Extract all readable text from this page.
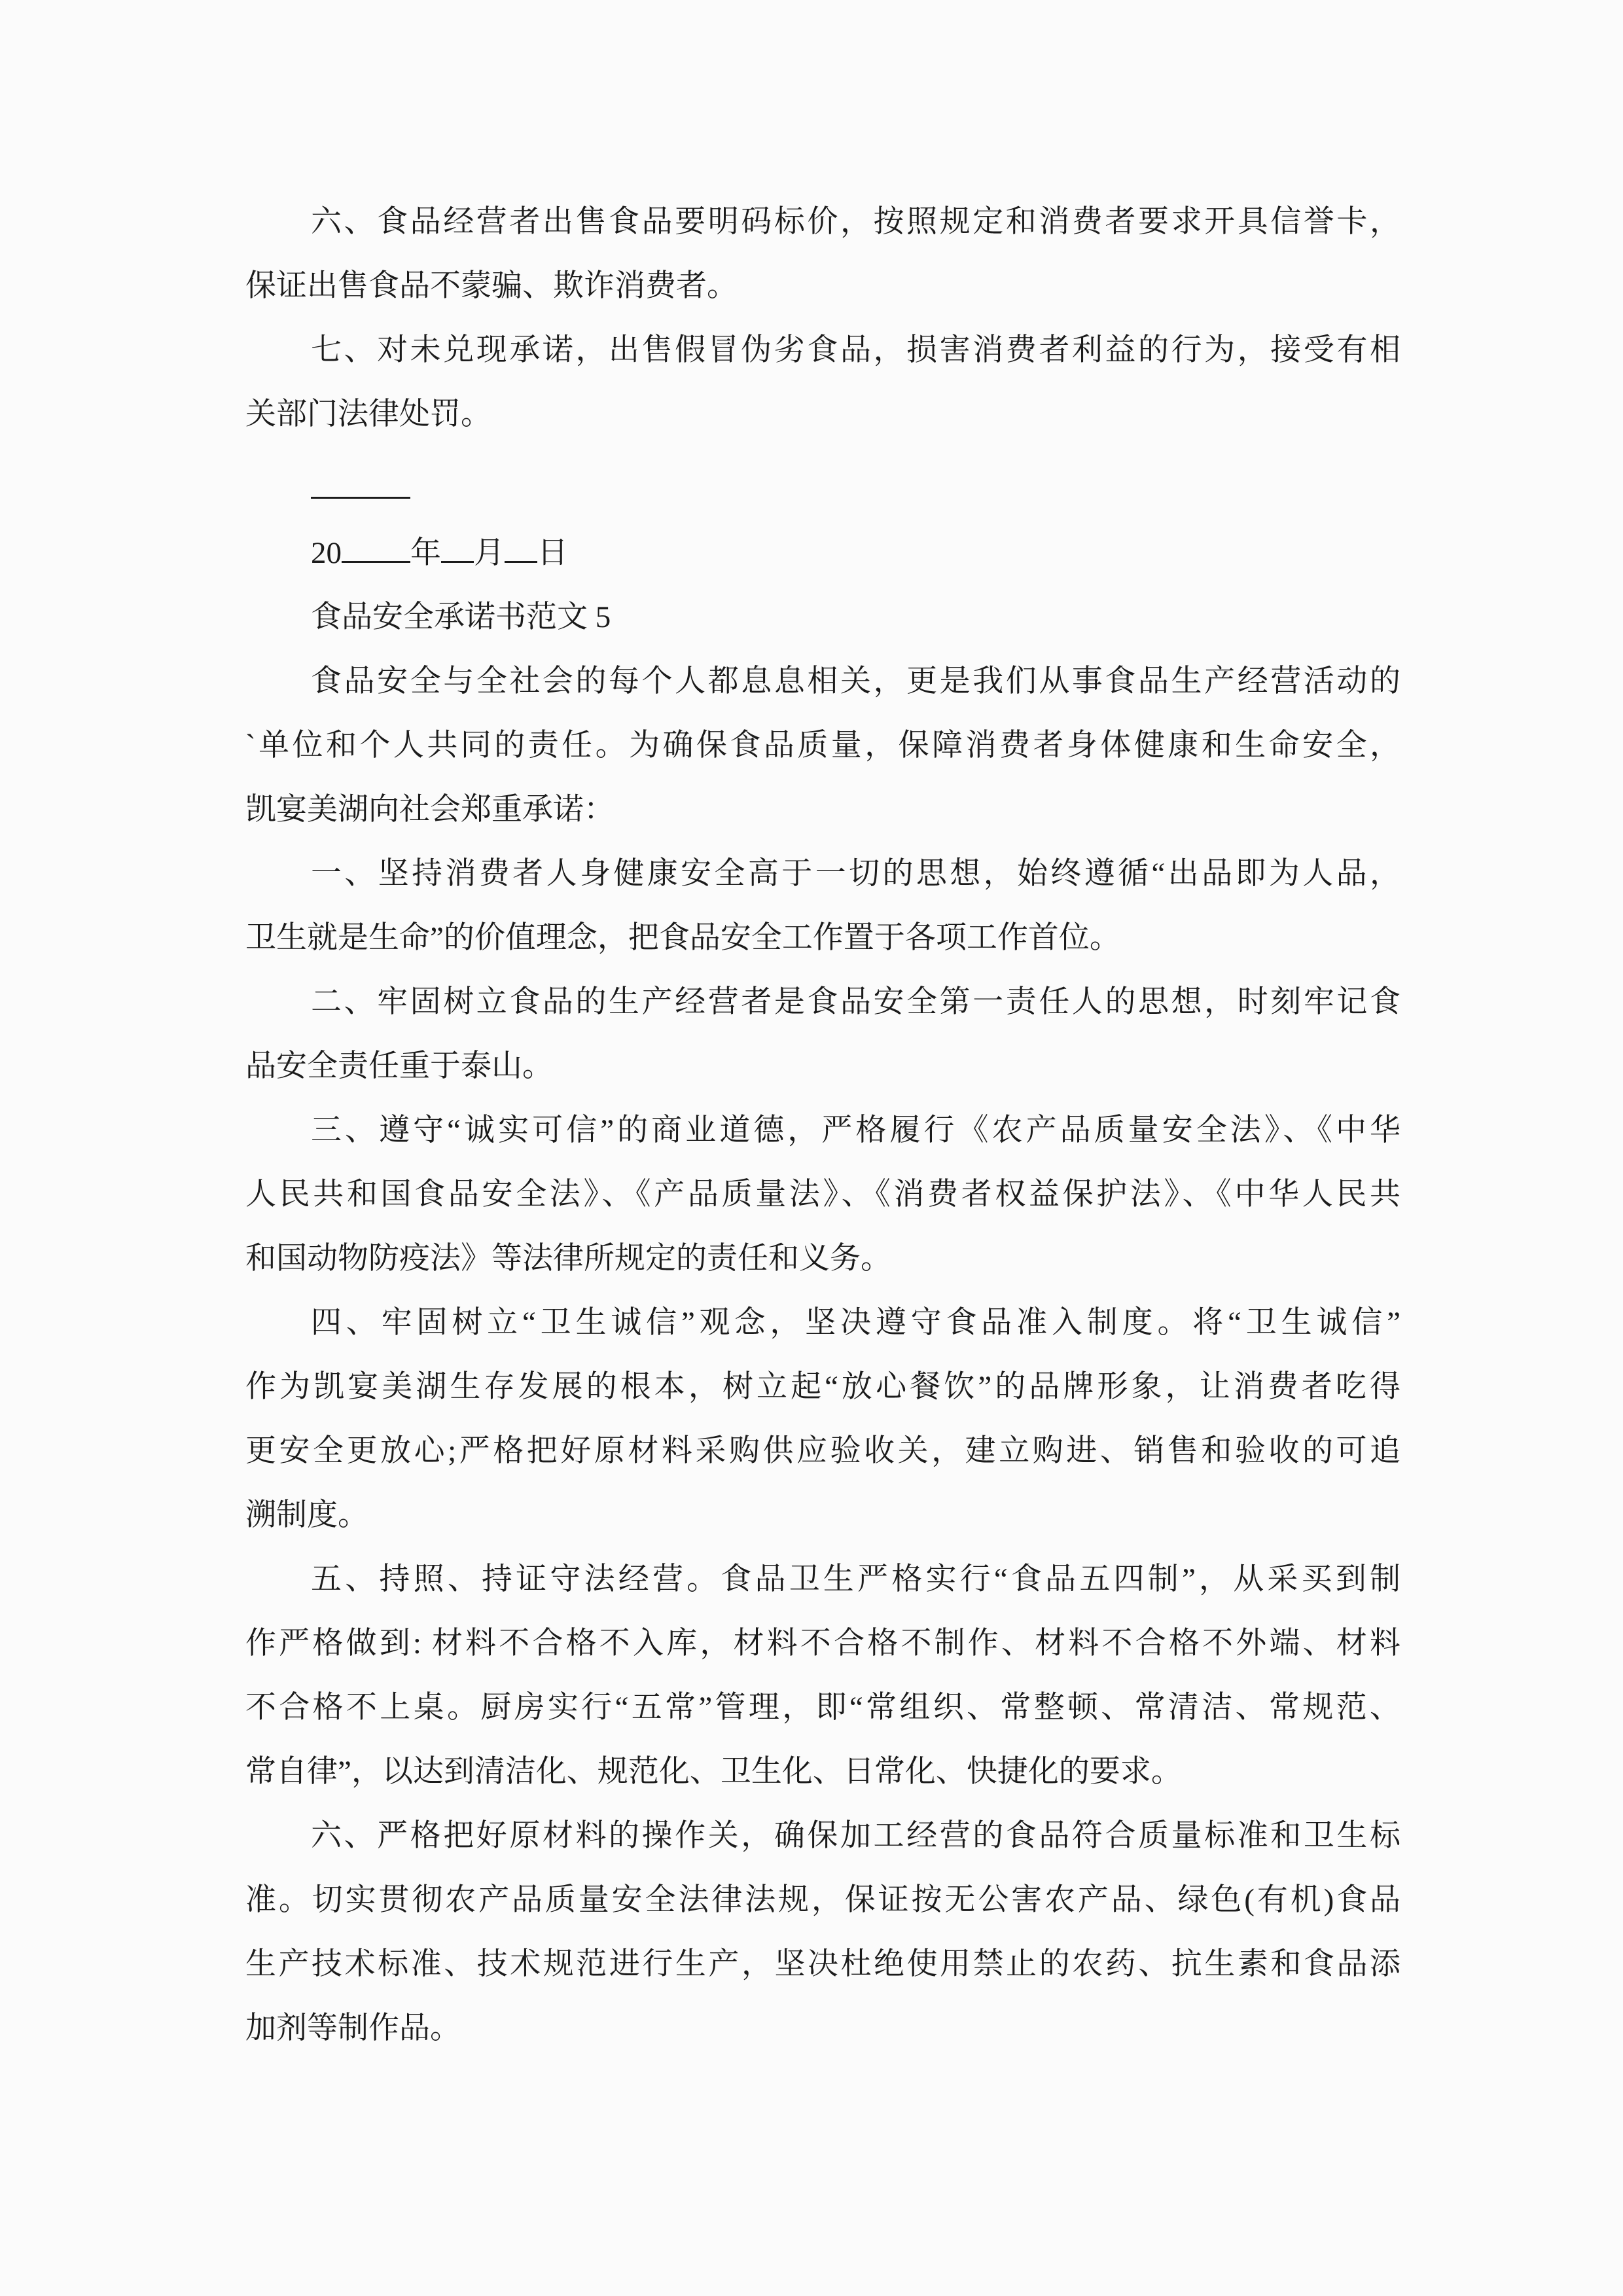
六、食品经营者出售食品要明码标价，按照规定和消费者要求开具信誉卡，
保证出售食品不蒙骗、欺诈消费者。
七、对未兑现承诺，出售假冒伪劣食品，损害消费者利益的行为，接受有相
关部门法律处罚。
20 年 月 日
食品安全承诺书范文 5
食品安全与全社会的每个人都息息相关，更是我们从事食品生产经营活动的
`单位和个人共同的责任。为确保食品质量，保障消费者身体健康和生命安全，
凯宴美湖向社会郑重承诺：
一、坚持消费者人身健康安全高于一切的思想，始终遵循“出品即为人品，
卫生就是生命”的价值理念，把食品安全工作置于各项工作首位。
二、牢固树立食品的生产经营者是食品安全第一责任人的思想，时刻牢记食
品安全责任重于泰山。
三、遵守“诚实可信”的商业道德，严格履行《农产品质量安全法》、《中华
人民共和国食品安全法》、《产品质量法》、《消费者权益保护法》、《中华人民共
和国动物防疫法》等法律所规定的责任和义务。
四、牢固树立“卫生诚信”观念，坚决遵守食品准入制度。将“卫生诚信”
作为凯宴美湖生存发展的根本，树立起“放心餐饮”的品牌形象，让消费者吃得
更安全更放心;严格把好原材料采购供应验收关，建立购进、销售和验收的可追
溯制度。
五、持照、持证守法经营。食品卫生严格实行“食品五四制”，从采买到制
作严格做到: 材料不合格不入库，材料不合格不制作、材料不合格不外端、材料
不合格不上桌。厨房实行“五常”管理，即“常组织、常整顿、常清洁、常规范、
常自律”，以达到清洁化、规范化、卫生化、日常化、快捷化的要求。
六、严格把好原材料的操作关，确保加工经营的食品符合质量标准和卫生标
准。切实贯彻农产品质量安全法律法规，保证按无公害农产品、绿色(有机)食品
生产技术标准、技术规范进行生产，坚决杜绝使用禁止的农药、抗生素和食品添
加剂等制作品。
